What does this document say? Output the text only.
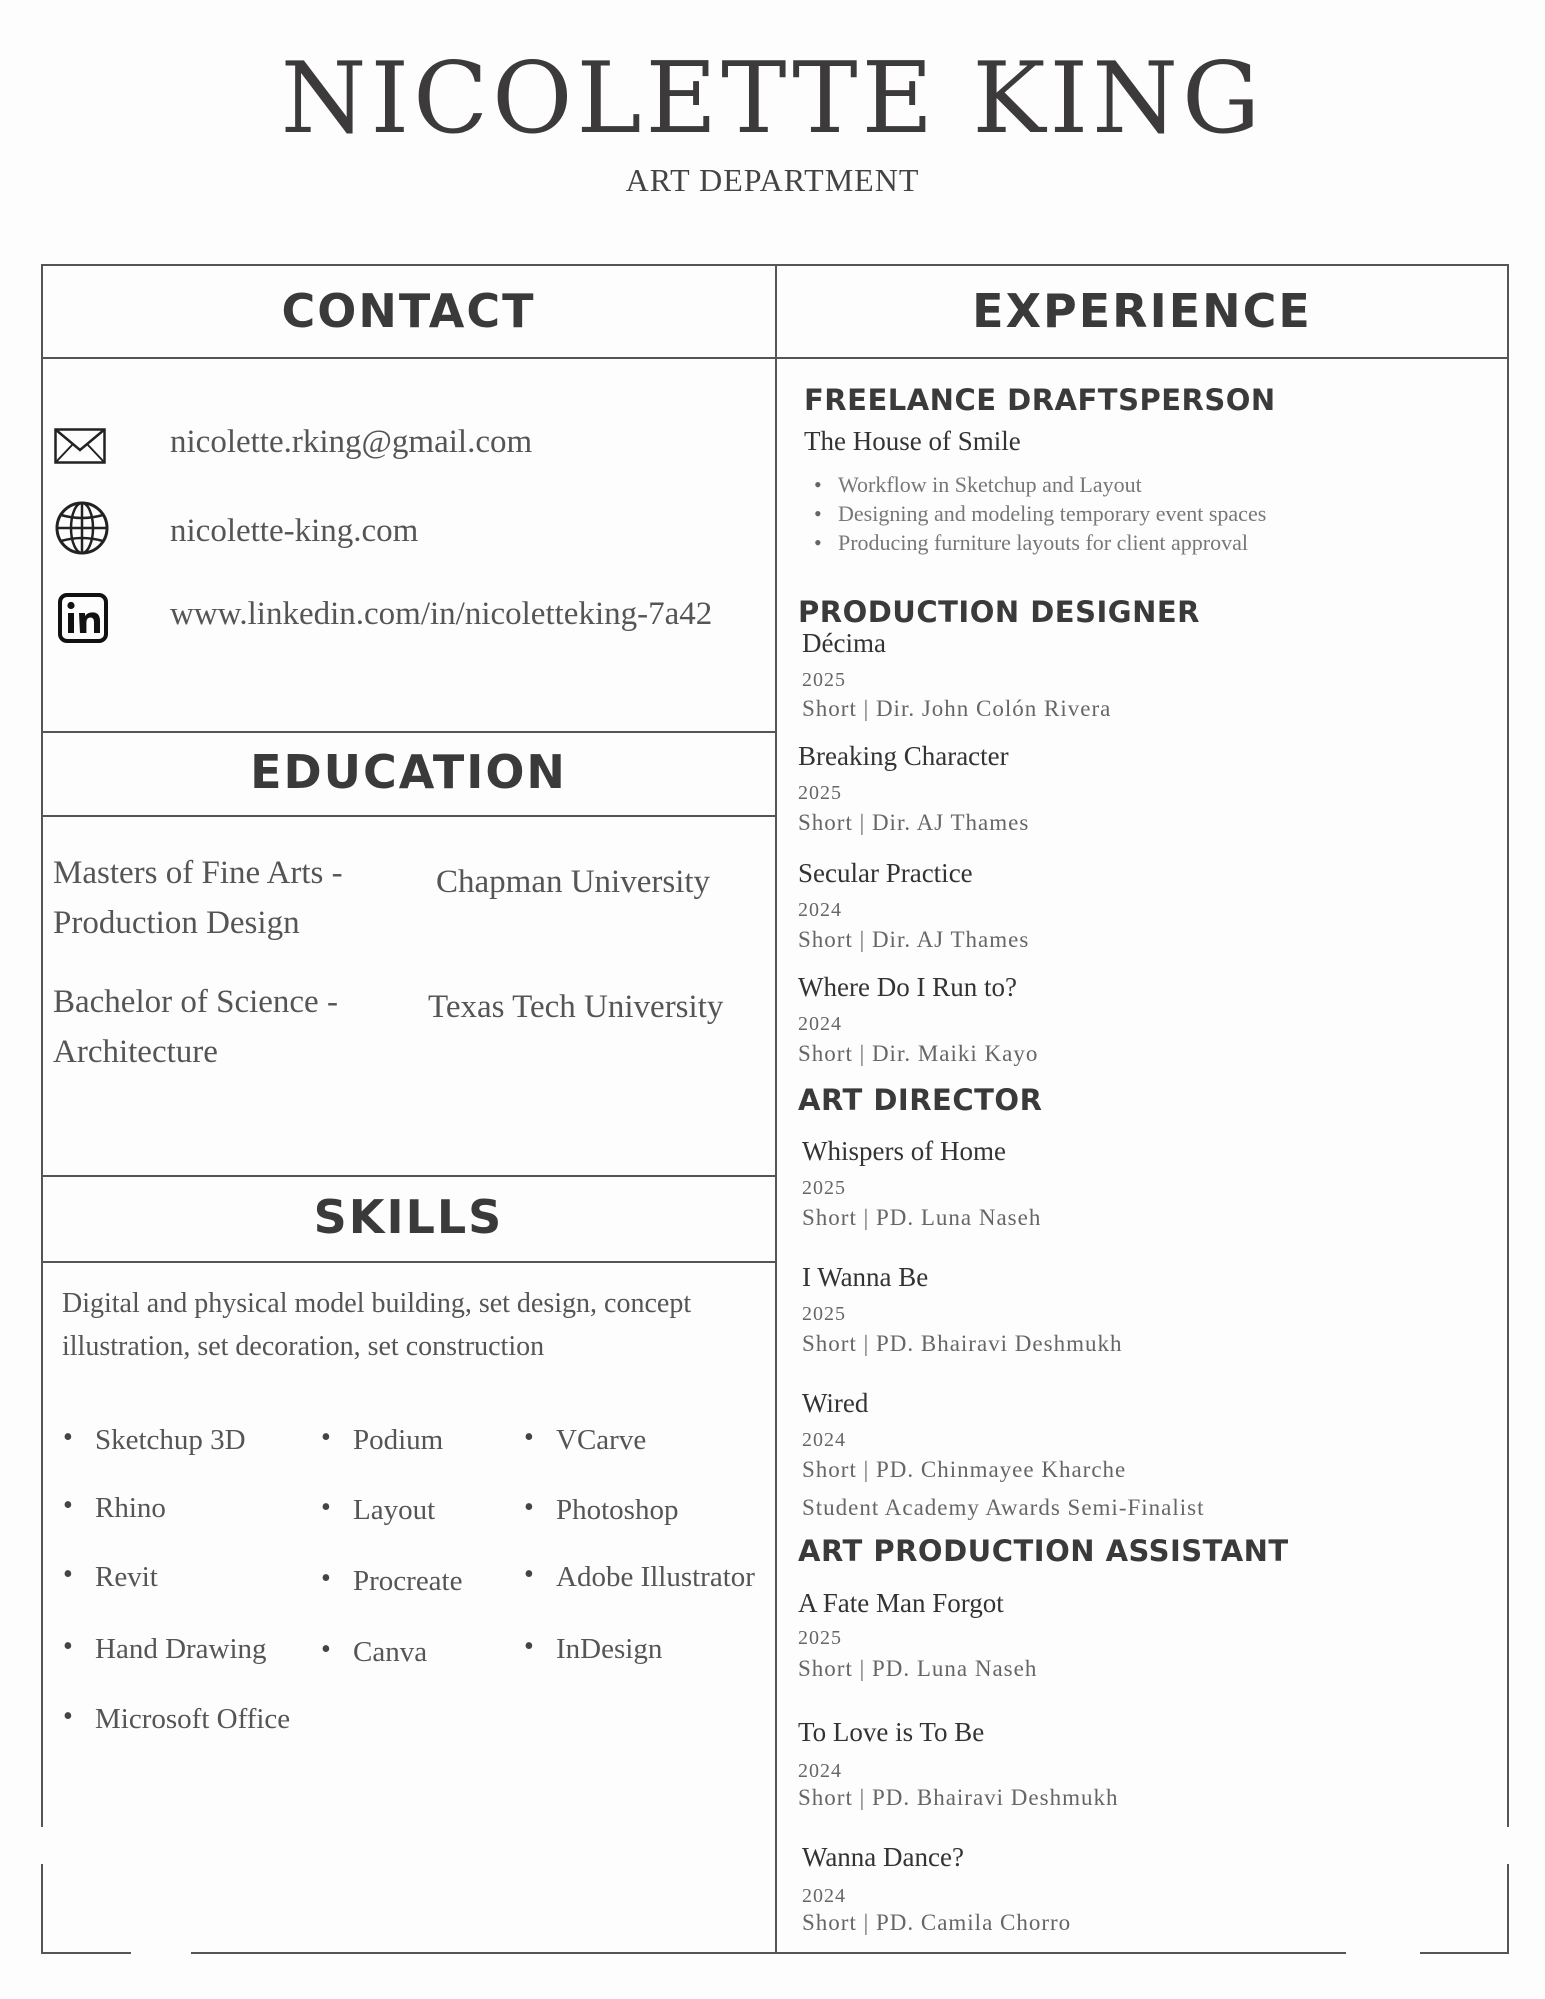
NICOLETTE KING
ART DEPARTMENT
CONTACT	EXPERIENCE
EDUCATION
SKILLS
nicolette.rking@gmail.com
nicolette-king.com
www.linkedin.com/in/nicoletteking-7a42
Masters of Fine Arts -
Production Design
Chapman University
Bachelor of Science -
Architecture
Texas Tech University
Digital and physical model building, set design, concept illustration, set decoration, set construction
• Sketchup 3D
• Rhino
• Revit
• Hand Drawing
• Microsoft Office
• Podium
• Layout
• Procreate
• Canva
• VCarve
• Photoshop
• Adobe Illustrator
• InDesign
FREELANCE DRAFTSPERSON
The House of Smile
• Workflow in Sketchup and Layout
• Designing and modeling temporary event spaces
• Producing furniture layouts for client approval
PRODUCTION DESIGNER
Décima
2025
Short | Dir. John Colón Rivera
Breaking Character
2025
Short | Dir. AJ Thames
Secular Practice
2024
Short | Dir. AJ Thames
Where Do I Run to?
2024
Short | Dir. Maiki Kayo
ART DIRECTOR
Whispers of Home
2025
Short | PD. Luna Naseh
I Wanna Be
2025
Short | PD. Bhairavi Deshmukh
Wired
2024
Short | PD. Chinmayee Kharche
Student Academy Awards Semi-Finalist
ART PRODUCTION ASSISTANT
A Fate Man Forgot
2025
Short | PD. Luna Naseh
To Love is To Be
2024
Short | PD. Bhairavi Deshmukh
Wanna Dance?
2024
Short | PD. Camila Chorro
